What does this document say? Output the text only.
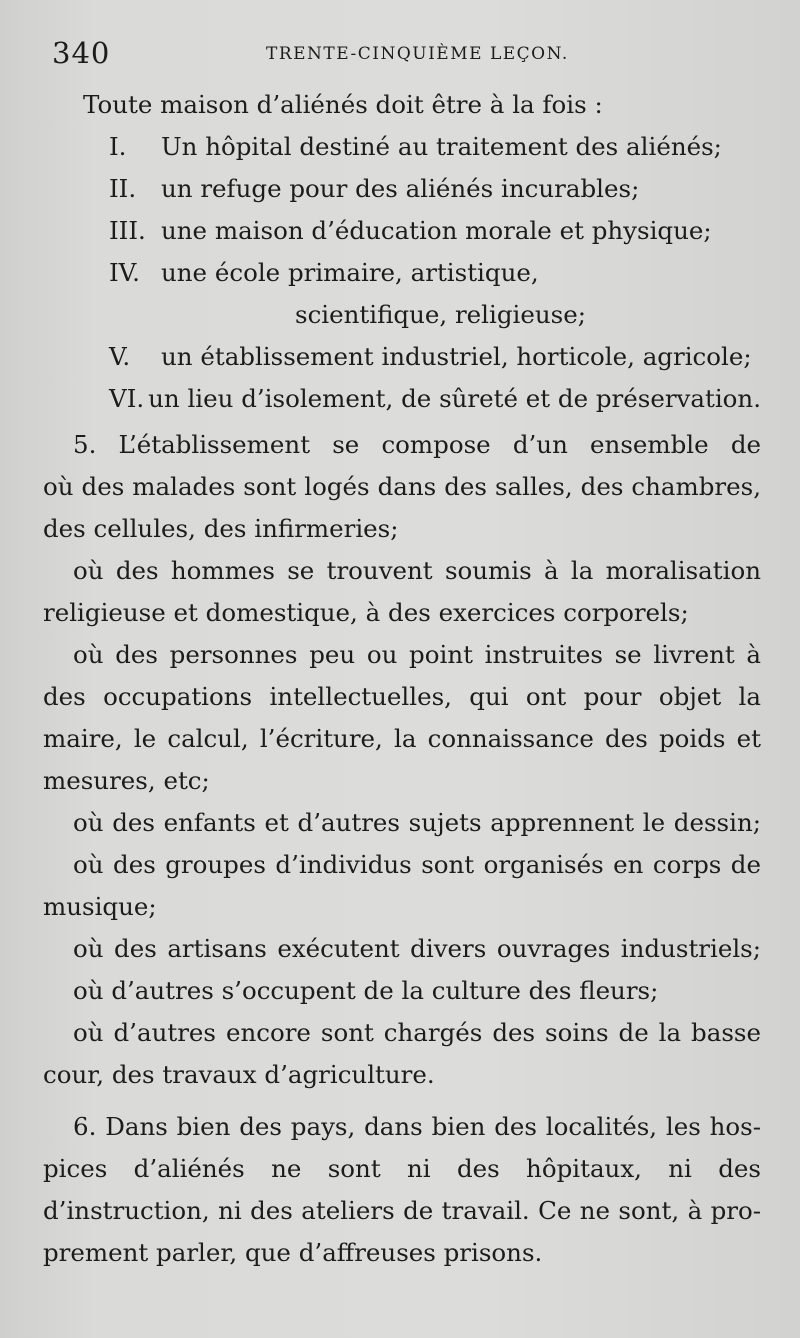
340	TRENTE-CINQUIÈME LEÇON.
Toute maison d’aliénés doit être à la fois :
I.	Un hôpital destiné au traitement des aliénés;
II.	un refuge pour des aliénés incurables;
III. une maison d’éducation morale et physique;
IV. une école primaire, artistique,
scientifique, religieuse;
V.	un établissement industriel, horticole, agricole;
VI. un lieu d’isolement, de sûreté et de préservation.
5. L’établissement se compose d’un ensemble de
où des malades sont logés dans des salles, des chambres,
des cellules, des infirmeries;
où des hommes se trouvent soumis à la moralisation
religieuse et domestique, à des exercices corporels;
où des personnes peu ou point instruites se livrent à
des occupations intellectuelles, qui ont pour objet la
maire, le calcul, l’écriture, la connaissance des poids et
mesures, etc;
où des enfants et d’autres sujets apprennent le dessin;
où des groupes d’individus sont organisés en corps de
musique;
où des artisans exécutent divers ouvrages industriels;
où d’autres s’occupent de la culture des fleurs;
où d’autres encore sont chargés des soins de la basse
cour, des travaux d’agriculture.
6. Dans bien des pays, dans bien des localités, les hos-
pices d’aliénés ne sont ni des hôpitaux, ni des
d’instruction, ni des ateliers de travail. Ce ne sont, à pro-
prement parler, que d’affreuses prisons.
